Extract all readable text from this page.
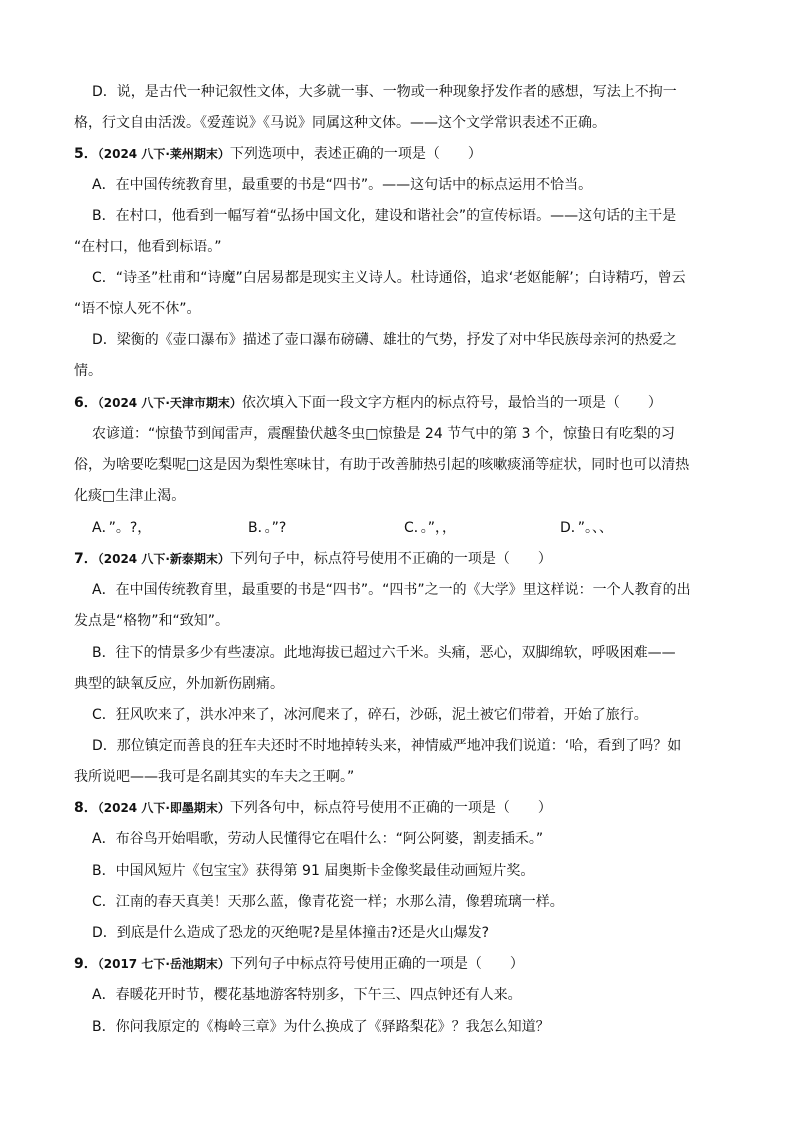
D．说，是古代一种记叙性文体，大多就一事、一物或一种现象抒发作者的感想，写法上不拘一
格，行文自由活泼。《爱莲说》《马说》同属这种文体。——这个文学常识表述不正确。
5．（2024 八下·莱州期末）下列选项中，表述正确的一项是（　　）
A．在中国传统教育里，最重要的书是“四书”。——这句话中的标点运用不恰当。
B．在村口，他看到一幅写着“弘扬中国文化，建设和谐社会”的宣传标语。——这句话的主干是
“在村口，他看到标语。”
C．“诗圣”杜甫和“诗魔”白居易都是现实主义诗人。杜诗通俗，追求‘老妪能解’；白诗精巧，曾云
“语不惊人死不休”。
D．梁衡的《壶口瀑布》描述了壶口瀑布磅礴、雄壮的气势，抒发了对中华民族母亲河的热爱之
情。
6．（2024 八下·天津市期末）依次填入下面一段文字方框内的标点符号，最恰当的一项是（　　）
农谚道：“惊蛰节到闻雷声，震醒蛰伏越冬虫□惊蛰是 24 节气中的第 3 个，惊蛰日有吃梨的习
俗，为啥要吃梨呢□这是因为梨性寒味甘，有助于改善肺热引起的咳嗽痰涌等症状，同时也可以清热
化痰□生津止渴。
A．”。?，	B．。”?	C．。”，，	D．”。、、
7．（2024 八下·新泰期末）下列句子中，标点符号使用不正确的一项是（　　）
A．在中国传统教育里，最重要的书是“四书”。“四书”之一的《大学》里这样说：一个人教育的出
发点是“格物”和“致知”。
B．往下的情景多少有些凄凉。此地海拔已超过六千米。头痛，恶心，双脚绵软，呼吸困难——
典型的缺氧反应，外加新伤剧痛。
C．狂风吹来了，洪水冲来了，冰河爬来了，碎石，沙砾，泥土被它们带着，开始了旅行。
D．那位镇定而善良的狂车夫还时不时地掉转头来，神情威严地冲我们说道：‘哈，看到了吗？如
我所说吧——我可是名副其实的车夫之王啊。”
8．（2024 八下·即墨期末）下列各句中，标点符号使用不正确的一项是（　　）
A．布谷鸟开始唱歌，劳动人民懂得它在唱什么：“阿公阿婆，割麦插禾。”
B．中国风短片《包宝宝》获得第 91 届奥斯卡金像奖最佳动画短片奖。
C．江南的春天真美！天那么蓝，像青花瓷一样；水那么清，像碧琉璃一样。
D．到底是什么造成了恐龙的灭绝呢?是星体撞击?还是火山爆发?
9．（2017 七下·岳池期末）下列句子中标点符号使用正确的一项是（　　）
A．春暖花开时节，樱花基地游客特别多，下午三、四点钟还有人来。
B．你问我原定的《梅岭三章》为什么换成了《驿路梨花》？我怎么知道？
